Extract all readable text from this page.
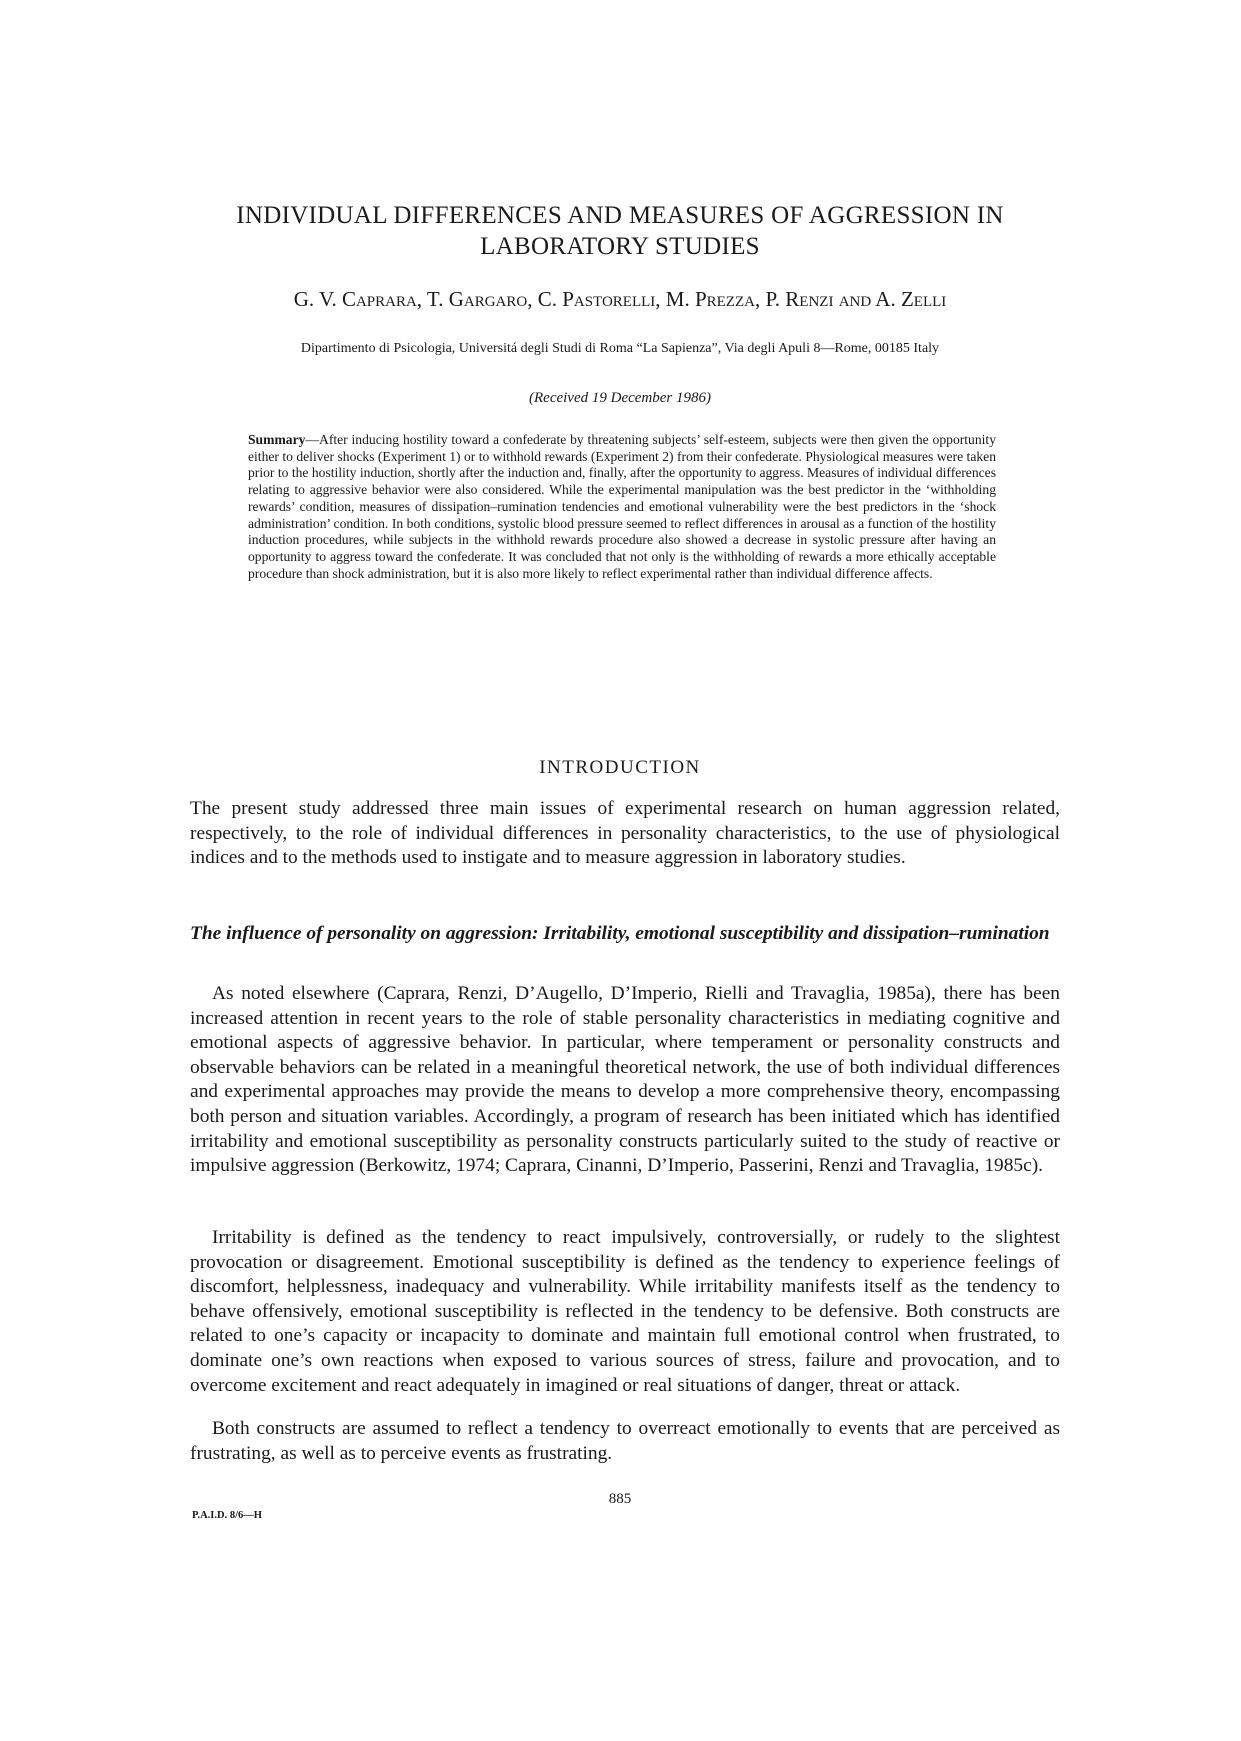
INDIVIDUAL DIFFERENCES AND MEASURES OF AGGRESSION IN LABORATORY STUDIES

G. V. Caprara, T. Gargaro, C. Pastorelli, M. Prezza, P. Renzi and A. Zelli

Dipartimento di Psicologia, Universitá degli Studi di Roma “La Sapienza”, Via degli Apuli 8—Rome, 00185 Italy

(Received 19 December 1986)

Summary—After inducing hostility toward a confederate by threatening subjects’ self-esteem, subjects were then given the opportunity either to deliver shocks (Experiment 1) or to withhold rewards (Experiment 2) from their confederate. Physiological measures were taken prior to the hostility induction, shortly after the induction and, finally, after the opportunity to aggress. Measures of individual differences relating to aggressive behavior were also considered. While the experimental manipulation was the best predictor in the ‘withholding rewards’ condition, measures of dissipation–rumination tendencies and emotional vulnerability were the best predictors in the ‘shock administration’ condition. In both conditions, systolic blood pressure seemed to reflect differences in arousal as a function of the hostility induction procedures, while subjects in the withhold rewards procedure also showed a decrease in systolic pressure after having an opportunity to aggress toward the confederate. It was concluded that not only is the withholding of rewards a more ethically acceptable procedure than shock administration, but it is also more likely to reflect experimental rather than individual difference affects.

INTRODUCTION

The present study addressed three main issues of experimental research on human aggression related, respectively, to the role of individual differences in personality characteristics, to the use of physiological indices and to the methods used to instigate and to measure aggression in laboratory studies.

The influence of personality on aggression: Irritability, emotional susceptibility and dissipation–rumination

As noted elsewhere (Caprara, Renzi, D’Augello, D’Imperio, Rielli and Travaglia, 1985a), there has been increased attention in recent years to the role of stable personality characteristics in mediating cognitive and emotional aspects of aggressive behavior. In particular, where temperament or personality constructs and observable behaviors can be related in a meaningful theoretical network, the use of both individual differences and experimental approaches may provide the means to develop a more comprehensive theory, encompassing both person and situation variables. Accordingly, a program of research has been initiated which has identified irritability and emotional susceptibility as personality constructs particularly suited to the study of reactive or impulsive aggression (Berkowitz, 1974; Caprara, Cinanni, D’Imperio, Passerini, Renzi and Travaglia, 1985c).

Irritability is defined as the tendency to react impulsively, controversially, or rudely to the slightest provocation or disagreement. Emotional susceptibility is defined as the tendency to experience feelings of discomfort, helplessness, inadequacy and vulnerability. While irritability manifests itself as the tendency to behave offensively, emotional susceptibility is reflected in the tendency to be defensive. Both constructs are related to one’s capacity or incapacity to dominate and maintain full emotional control when frustrated, to dominate one’s own reactions when exposed to various sources of stress, failure and provocation, and to overcome excitement and react adequately in imagined or real situations of danger, threat or attack.

Both constructs are assumed to reflect a tendency to overreact emotionally to events that are perceived as frustrating, as well as to perceive events as frustrating.

885

P.A.I.D. 8/6—H
